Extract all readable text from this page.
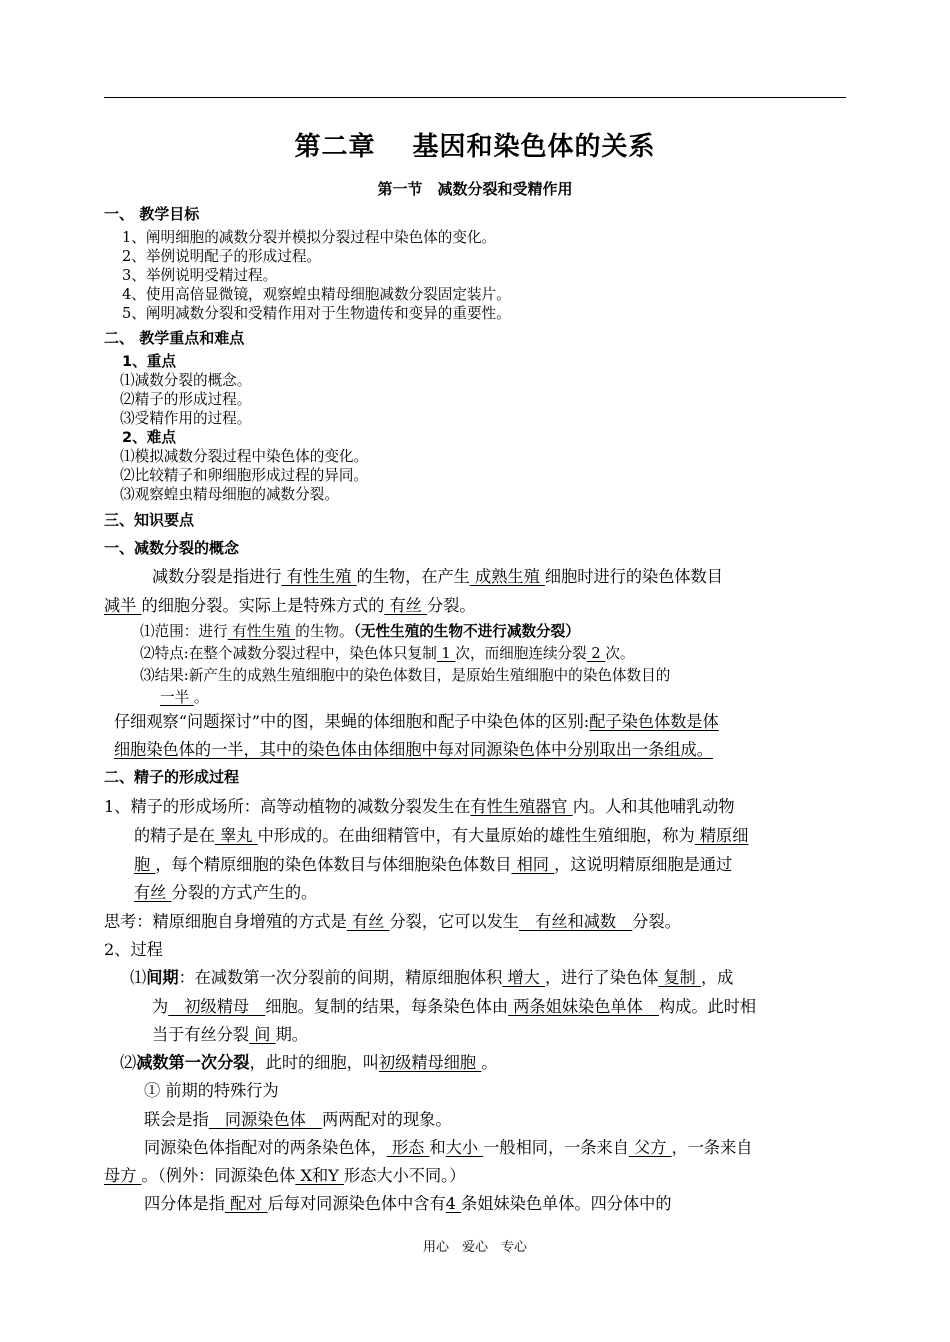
第二章　 基因和染色体的关系
第一节　减数分裂和受精作用
一、 教学目标
1、阐明细胞的减数分裂并模拟分裂过程中染色体的变化。
2、举例说明配子的形成过程。
3、举例说明受精过程。
4、使用高倍显微镜，观察蝗虫精母细胞减数分裂固定装片。
5、阐明减数分裂和受精作用对于生物遗传和变异的重要性。
二、 教学重点和难点
1、重点
⑴减数分裂的概念。
⑵精子的形成过程。
⑶受精作用的过程。
2、难点
⑴模拟减数分裂过程中染色体的变化。
⑵比较精子和卵细胞形成过程的异同。
⑶观察蝗虫精母细胞的减数分裂。
三、知识要点
一、减数分裂的概念
减数分裂是指进行 有性生殖 的生物，在产生 成熟生殖 细胞时进行的染色体数目
减半 的细胞分裂。实际上是特殊方式的 有丝 分裂。
⑴范围：进行 有性生殖 的生物。（无性生殖的生物不进行减数分裂）
⑵特点:在整个减数分裂过程中，染色体只复制 1 次，而细胞连续分裂 2 次。
⑶结果:新产生的成熟生殖细胞中的染色体数目，是原始生殖细胞中的染色体数目的
一半 。
仔细观察“问题探讨”中的图，果蝇的体细胞和配子中染色体的区别:配子染色体数是体
细胞染色体的一半，其中的染色体由体细胞中每对同源染色体中分别取出一条组成。
二、精子的形成过程
1、精子的形成场所：高等动植物的减数分裂发生在有性生殖器官 内。人和其他哺乳动物
的精子是在 睾丸 中形成的。在曲细精管中，有大量原始的雄性生殖细胞，称为 精原细
胞 ，每个精原细胞的染色体数目与体细胞染色体数目 相同 ，这说明精原细胞是通过
有丝 分裂的方式产生的。
思考：精原细胞自身增殖的方式是 有丝 分裂，它可以发生　有丝和减数　分裂。
2、过程
⑴间期：在减数第一次分裂前的间期，精原细胞体积 增大 ，进行了染色体 复制 ，成
为　初级精母　细胞。复制的结果，每条染色体由 两条姐妹染色单体　构成。此时相
当于有丝分裂 间 期。
⑵减数第一次分裂，此时的细胞，叫初级精母细胞 。
① 前期的特殊行为
联会是指　同源染色体　两两配对的现象。
同源染色体指配对的两条染色体， 形态 和大小 一般相同，一条来自 父方 ，一条来自
母方 。（例外：同源染色体 X和Y 形态大小不同。）
四分体是指 配对 后每对同源染色体中含有4 条姐妹染色单体。四分体中的
用心　爱心　专心
